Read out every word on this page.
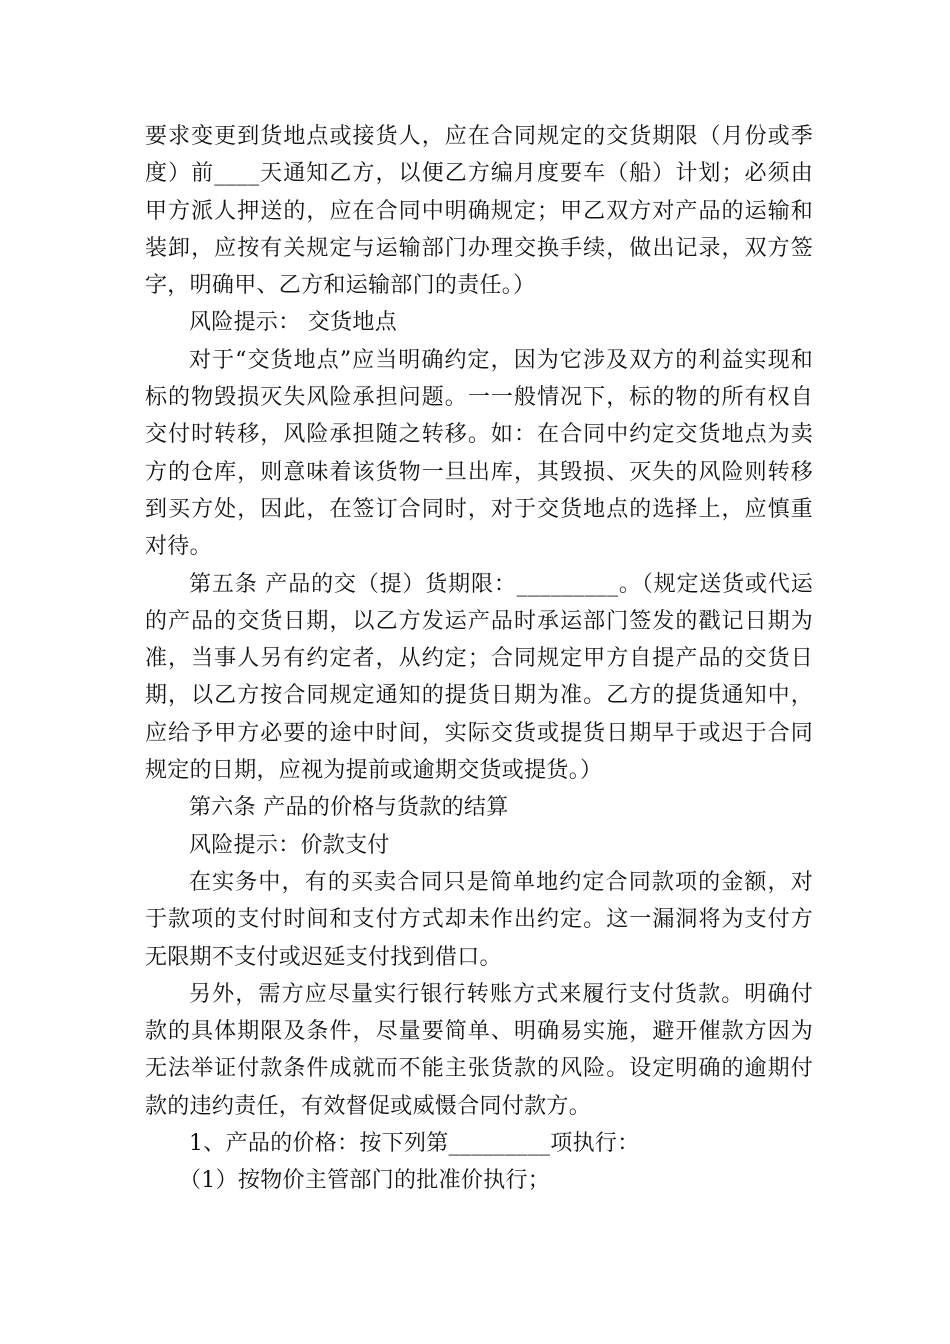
要求变更到货地点或接货人，应在合同规定的交货期限（月份或季度）前____天通知乙方，以便乙方编月度要车（船）计划；必须由甲方派人押送的，应在合同中明确规定；甲乙双方对产品的运输和装卸，应按有关规定与运输部门办理交换手续，做出记录，双方签字，明确甲、乙方和运输部门的责任。）

风险提示： 交货地点

对于“交货地点”应当明确约定，因为它涉及双方的利益实现和标的物毁损灭失风险承担问题。一一般情况下，标的物的所有权自交付时转移，风险承担随之转移。如：在合同中约定交货地点为卖方的仓库，则意味着该货物一旦出库，其毁损、灭失的风险则转移到买方处，因此，在签订合同时，对于交货地点的选择上，应慎重对待。

第五条 产品的交（提）货期限：_________。（规定送货或代运的产品的交货日期，以乙方发运产品时承运部门签发的戳记日期为准，当事人另有约定者，从约定；合同规定甲方自提产品的交货日期，以乙方按合同规定通知的提货日期为准。乙方的提货通知中，应给予甲方必要的途中时间，实际交货或提货日期早于或迟于合同规定的日期，应视为提前或逾期交货或提货。）

第六条 产品的价格与货款的结算

风险提示：价款支付

在实务中，有的买卖合同只是简单地约定合同款项的金额，对于款项的支付时间和支付方式却未作出约定。这一漏洞将为支付方无限期不支付或迟延支付找到借口。

另外，需方应尽量实行银行转账方式来履行支付货款。明确付款的具体期限及条件，尽量要简单、明确易实施，避开催款方因为无法举证付款条件成就而不能主张货款的风险。设定明确的逾期付款的违约责任，有效督促或威慑合同付款方。

1、产品的价格：按下列第_________项执行：

（1）按物价主管部门的批准价执行；
